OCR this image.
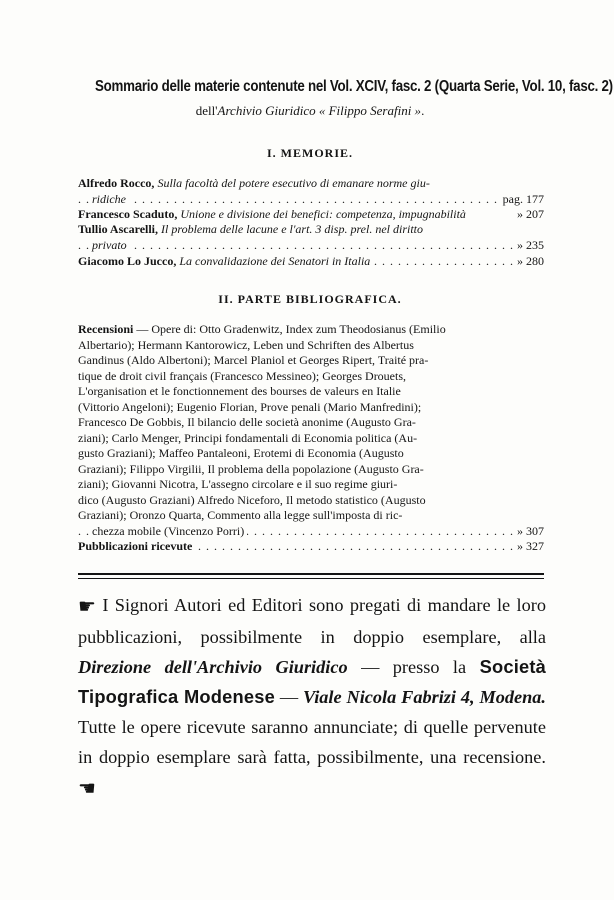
Sommario delle materie contenute nel Vol. XCIV, fasc. 2 (Quarta Serie, Vol. 10, fasc. 2)
dell'Archivio Giuridico « Filippo Serafini ».
I. MEMORIE.
Alfredo Rocco, Sulla facoltà del potere esecutivo di emanare norme giu-
ridiche	pag. 177
. . .
Francesco Scaduto, Unione e divisione dei benefici: competenza, impugnabilità	» 207
Tullio Ascarelli, Il problema delle lacune e l'art. 3 disp. prel. nel diritto
privato	» 235
. . .
Giacomo Lo Jucco, La convalidazione dei Senatori in Italia	» 280
. . .
II. PARTE BIBLIOGRAFICA.
Recensioni — Opere di: Otto Gradenwitz, Index zum Theodosianus (Emilio
Albertario); Hermann Kantorowicz, Leben und Schriften des Albertus
Gandinus (Aldo Albertoni); Marcel Planiol et Georges Ripert, Traité pra-
tique de droit civil français (Francesco Messineo); Georges Drouets,
L'organisation et le fonctionnement des bourses de valeurs en Italie
(Vittorio Angeloni); Eugenio Florian, Prove penali (Mario Manfredini);
Francesco De Gobbis, Il bilancio delle società anonime (Augusto Gra-
ziani); Carlo Menger, Principi fondamentali di Economia politica (Au-
gusto Graziani); Maffeo Pantaleoni, Erotemi di Economia (Augusto
Graziani); Filippo Virgilii, Il problema della popolazione (Augusto Gra-
ziani); Giovanni Nicotra, L'assegno circolare e il suo regime giuri-
dico (Augusto Graziani) Alfredo Niceforo, Il metodo statistico (Augusto
Graziani); Oronzo Quarta, Commento alla legge sull'imposta di ric-
chezza mobile (Vincenzo Porri)	» 307
. . .
Pubblicazioni ricevute	» 327
. . .
☛ I Signori Autori ed Editori sono pregati di mandare le loro pubblicazioni, possibilmente in doppio esemplare, alla Direzione dell'Archivio Giuridico — presso la Società Tipografica Modenese — Viale Nicola Fabrizi 4, Modena. Tutte le opere ricevute saranno annunciate; di quelle pervenute in doppio esemplare sarà fatta, possibilmente, una recensione. ☚
